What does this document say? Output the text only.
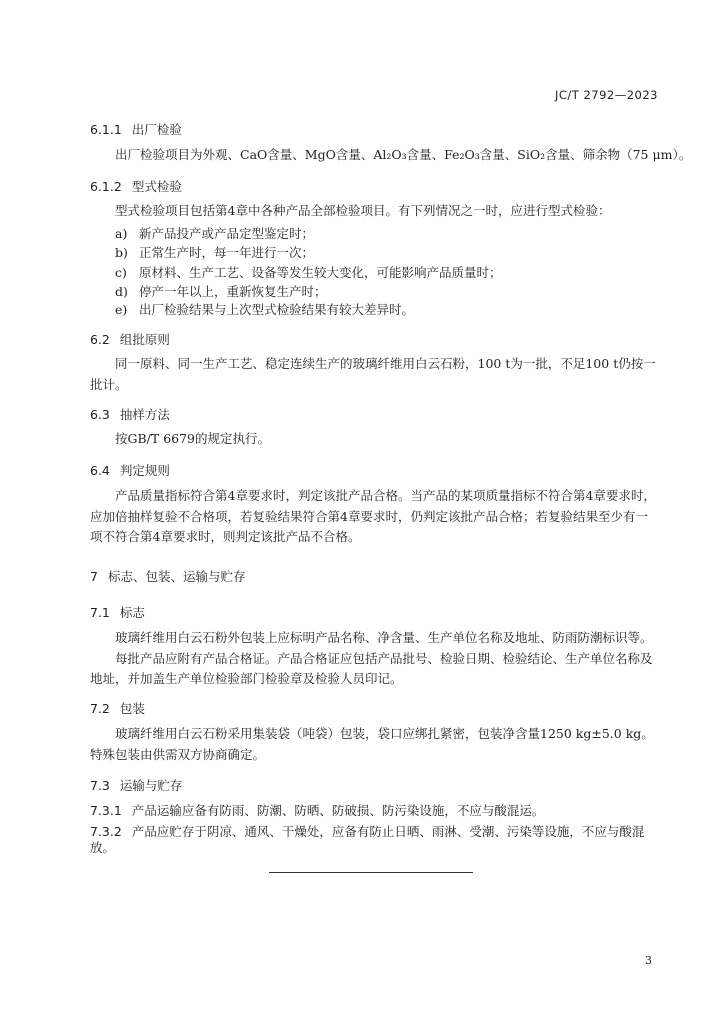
JC/T 2792—2023
6.1.1 出厂检验
出厂检验项目为外观、CaO含量、MgO含量、Al₂O₃含量、Fe₂O₃含量、SiO₂含量、筛余物（75 μm）。
6.1.2 型式检验
型式检验项目包括第4章中各种产品全部检验项目。有下列情况之一时，应进行型式检验：
a) 新产品投产或产品定型鉴定时；
b) 正常生产时，每一年进行一次；
c) 原材料、生产工艺、设备等发生较大变化，可能影响产品质量时；
d) 停产一年以上，重新恢复生产时；
e) 出厂检验结果与上次型式检验结果有较大差异时。
6.2 组批原则
同一原料、同一生产工艺、稳定连续生产的玻璃纤维用白云石粉，100 t为一批，不足100 t仍按一
批计。
6.3 抽样方法
按GB/T 6679的规定执行。
6.4 判定规则
产品质量指标符合第4章要求时，判定该批产品合格。当产品的某项质量指标不符合第4章要求时，
应加倍抽样复验不合格项，若复验结果符合第4章要求时，仍判定该批产品合格；若复验结果至少有一
项不符合第4章要求时，则判定该批产品不合格。
7 标志、包装、运输与贮存
7.1 标志
玻璃纤维用白云石粉外包装上应标明产品名称、净含量、生产单位名称及地址、防雨防潮标识等。
每批产品应附有产品合格证。产品合格证应包括产品批号、检验日期、检验结论、生产单位名称及
地址，并加盖生产单位检验部门检验章及检验人员印记。
7.2 包装
玻璃纤维用白云石粉采用集装袋（吨袋）包装，袋口应绑扎紧密，包装净含量1250 kg±5.0 kg。
特殊包装由供需双方协商确定。
7.3 运输与贮存
7.3.1 产品运输应备有防雨、防潮、防晒、防破损、防污染设施，不应与酸混运。
7.3.2 产品应贮存于阴凉、通风、干燥处，应备有防止日晒、雨淋、受潮、污染等设施，不应与酸混
放。
3
